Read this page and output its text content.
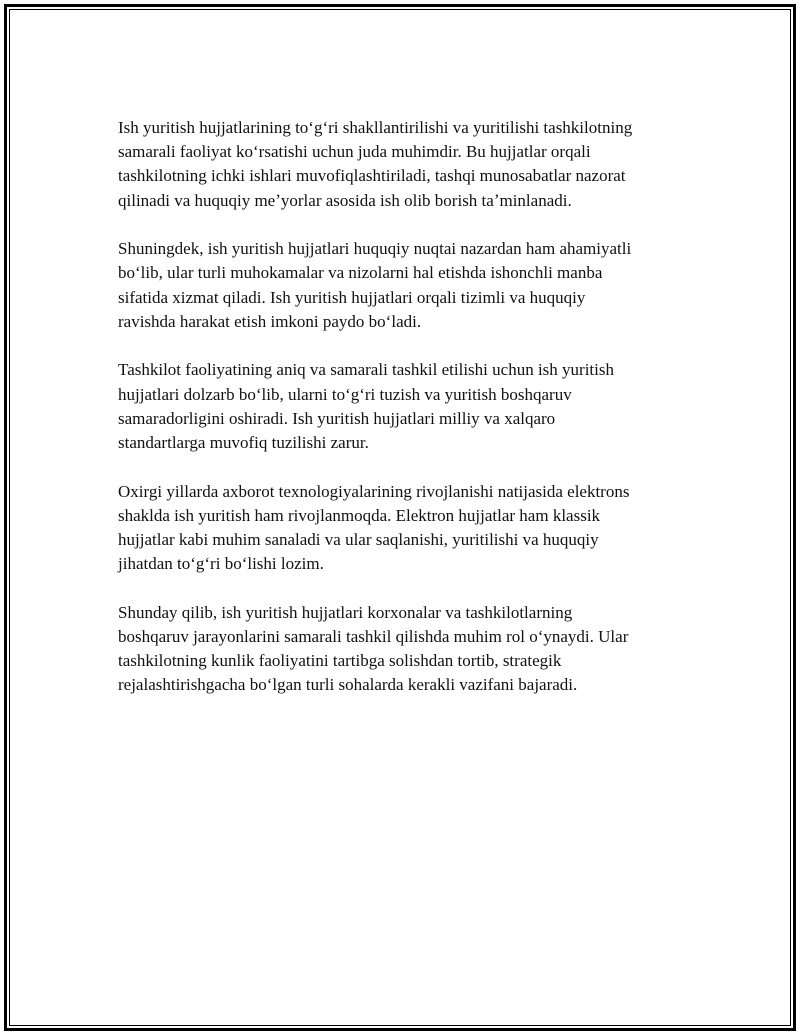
Ish yuritish hujjatlarining toʻgʻri shakllantirilishi va yuritilishi tashkilotning
samarali faoliyat koʻrsatishi uchun juda muhimdir. Bu hujjatlar orqali
tashkilotning ichki ishlari muvofiqlashtiriladi, tashqi munosabatlar nazorat
qilinadi va huquqiy meʼyorlar asosida ish olib borish taʼminlanadi.

Shuningdek, ish yuritish hujjatlari huquqiy nuqtai nazardan ham ahamiyatli
boʻlib, ular turli muhokamalar va nizolarni hal etishda ishonchli manba
sifatida xizmat qiladi. Ish yuritish hujjatlari orqali tizimli va huquqiy
ravishda harakat etish imkoni paydo boʻladi.

Tashkilot faoliyatining aniq va samarali tashkil etilishi uchun ish yuritish
hujjatlari dolzarb boʻlib, ularni toʻgʻri tuzish va yuritish boshqaruv
samaradorligini oshiradi. Ish yuritish hujjatlari milliy va xalqaro
standartlarga muvofiq tuzilishi zarur.

Oxirgi yillarda axborot texnologiyalarining rivojlanishi natijasida elektrons
shaklda ish yuritish ham rivojlanmoqda. Elektron hujjatlar ham klassik
hujjatlar kabi muhim sanaladi va ular saqlanishi, yuritilishi va huquqiy
jihatdan toʻgʻri boʻlishi lozim.

Shunday qilib, ish yuritish hujjatlari korxonalar va tashkilotlarning
boshqaruv jarayonlarini samarali tashkil qilishda muhim rol oʻynaydi. Ular
tashkilotning kunlik faoliyatini tartibga solishdan tortib, strategik
rejalashtirishgacha boʻlgan turli sohalarda kerakli vazifani bajaradi.
